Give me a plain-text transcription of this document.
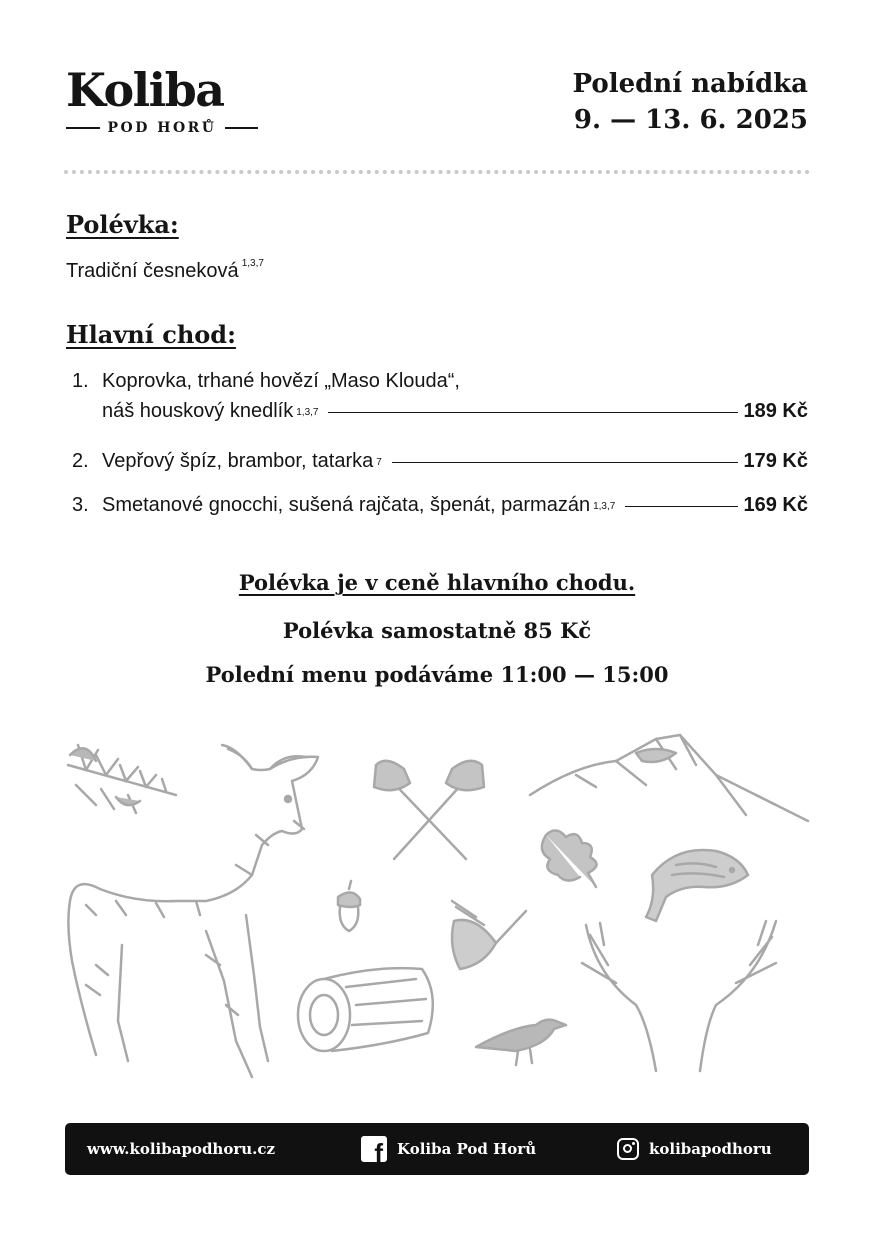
Koliba
POD HORŮ
Polední nabídka
9. — 13. 6. 2025
Polévka:
Tradiční česneková $^{1,3,7}$
Hlavní chod:
1. Koprovka, trhané hovězí „Maso Klouda“,
náš houskový knedlík $^{1,3,7}$	189 Kč
2. Vepřový špíz, brambor, tatarka $^7$	179 Kč
3. Smetanové gnocchi, sušená rajčata, špenát, parmazán $^{1,3,7}$	169 Kč
Polévka je v ceně hlavního chodu.
Polévka samostatně 85 Kč
Polední menu podáváme 11:00 — 15:00
www.kolibapodhoru.cz	f Koliba Pod Horů	kolibapodhoru
